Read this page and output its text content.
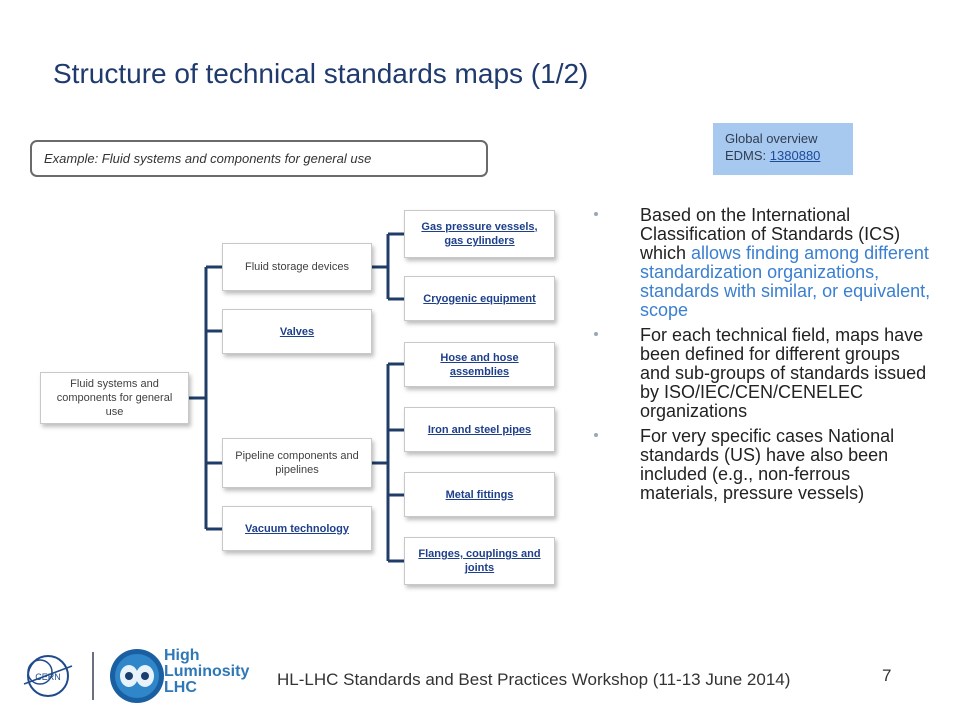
Structure of technical standards maps (1/2)
Example: Fluid systems and components for general use
Global overview
EDMS: 1380880
Fluid systems and components for general use
Fluid storage devices
Valves
Pipeline components and pipelines
Vacuum technology
Gas pressure vessels, gas cylinders
Cryogenic equipment
Hose and hose assemblies
Iron and steel pipes
Metal fittings
Flanges, couplings and joints
Based on the International Classification of Standards (ICS) which allows finding among different standardization organizations, standards with similar, or equivalent, scope
For each technical field, maps have been defined for different groups and sub-groups of standards issued by ISO/IEC/CEN/CENELEC organizations
For very specific cases National standards (US) have also been included (e.g., non-ferrous materials, pressure vessels)
CERN
High
Luminosity
LHC	HL-LHC Standards and Best Practices Workshop (11-13 June 2014)	7
